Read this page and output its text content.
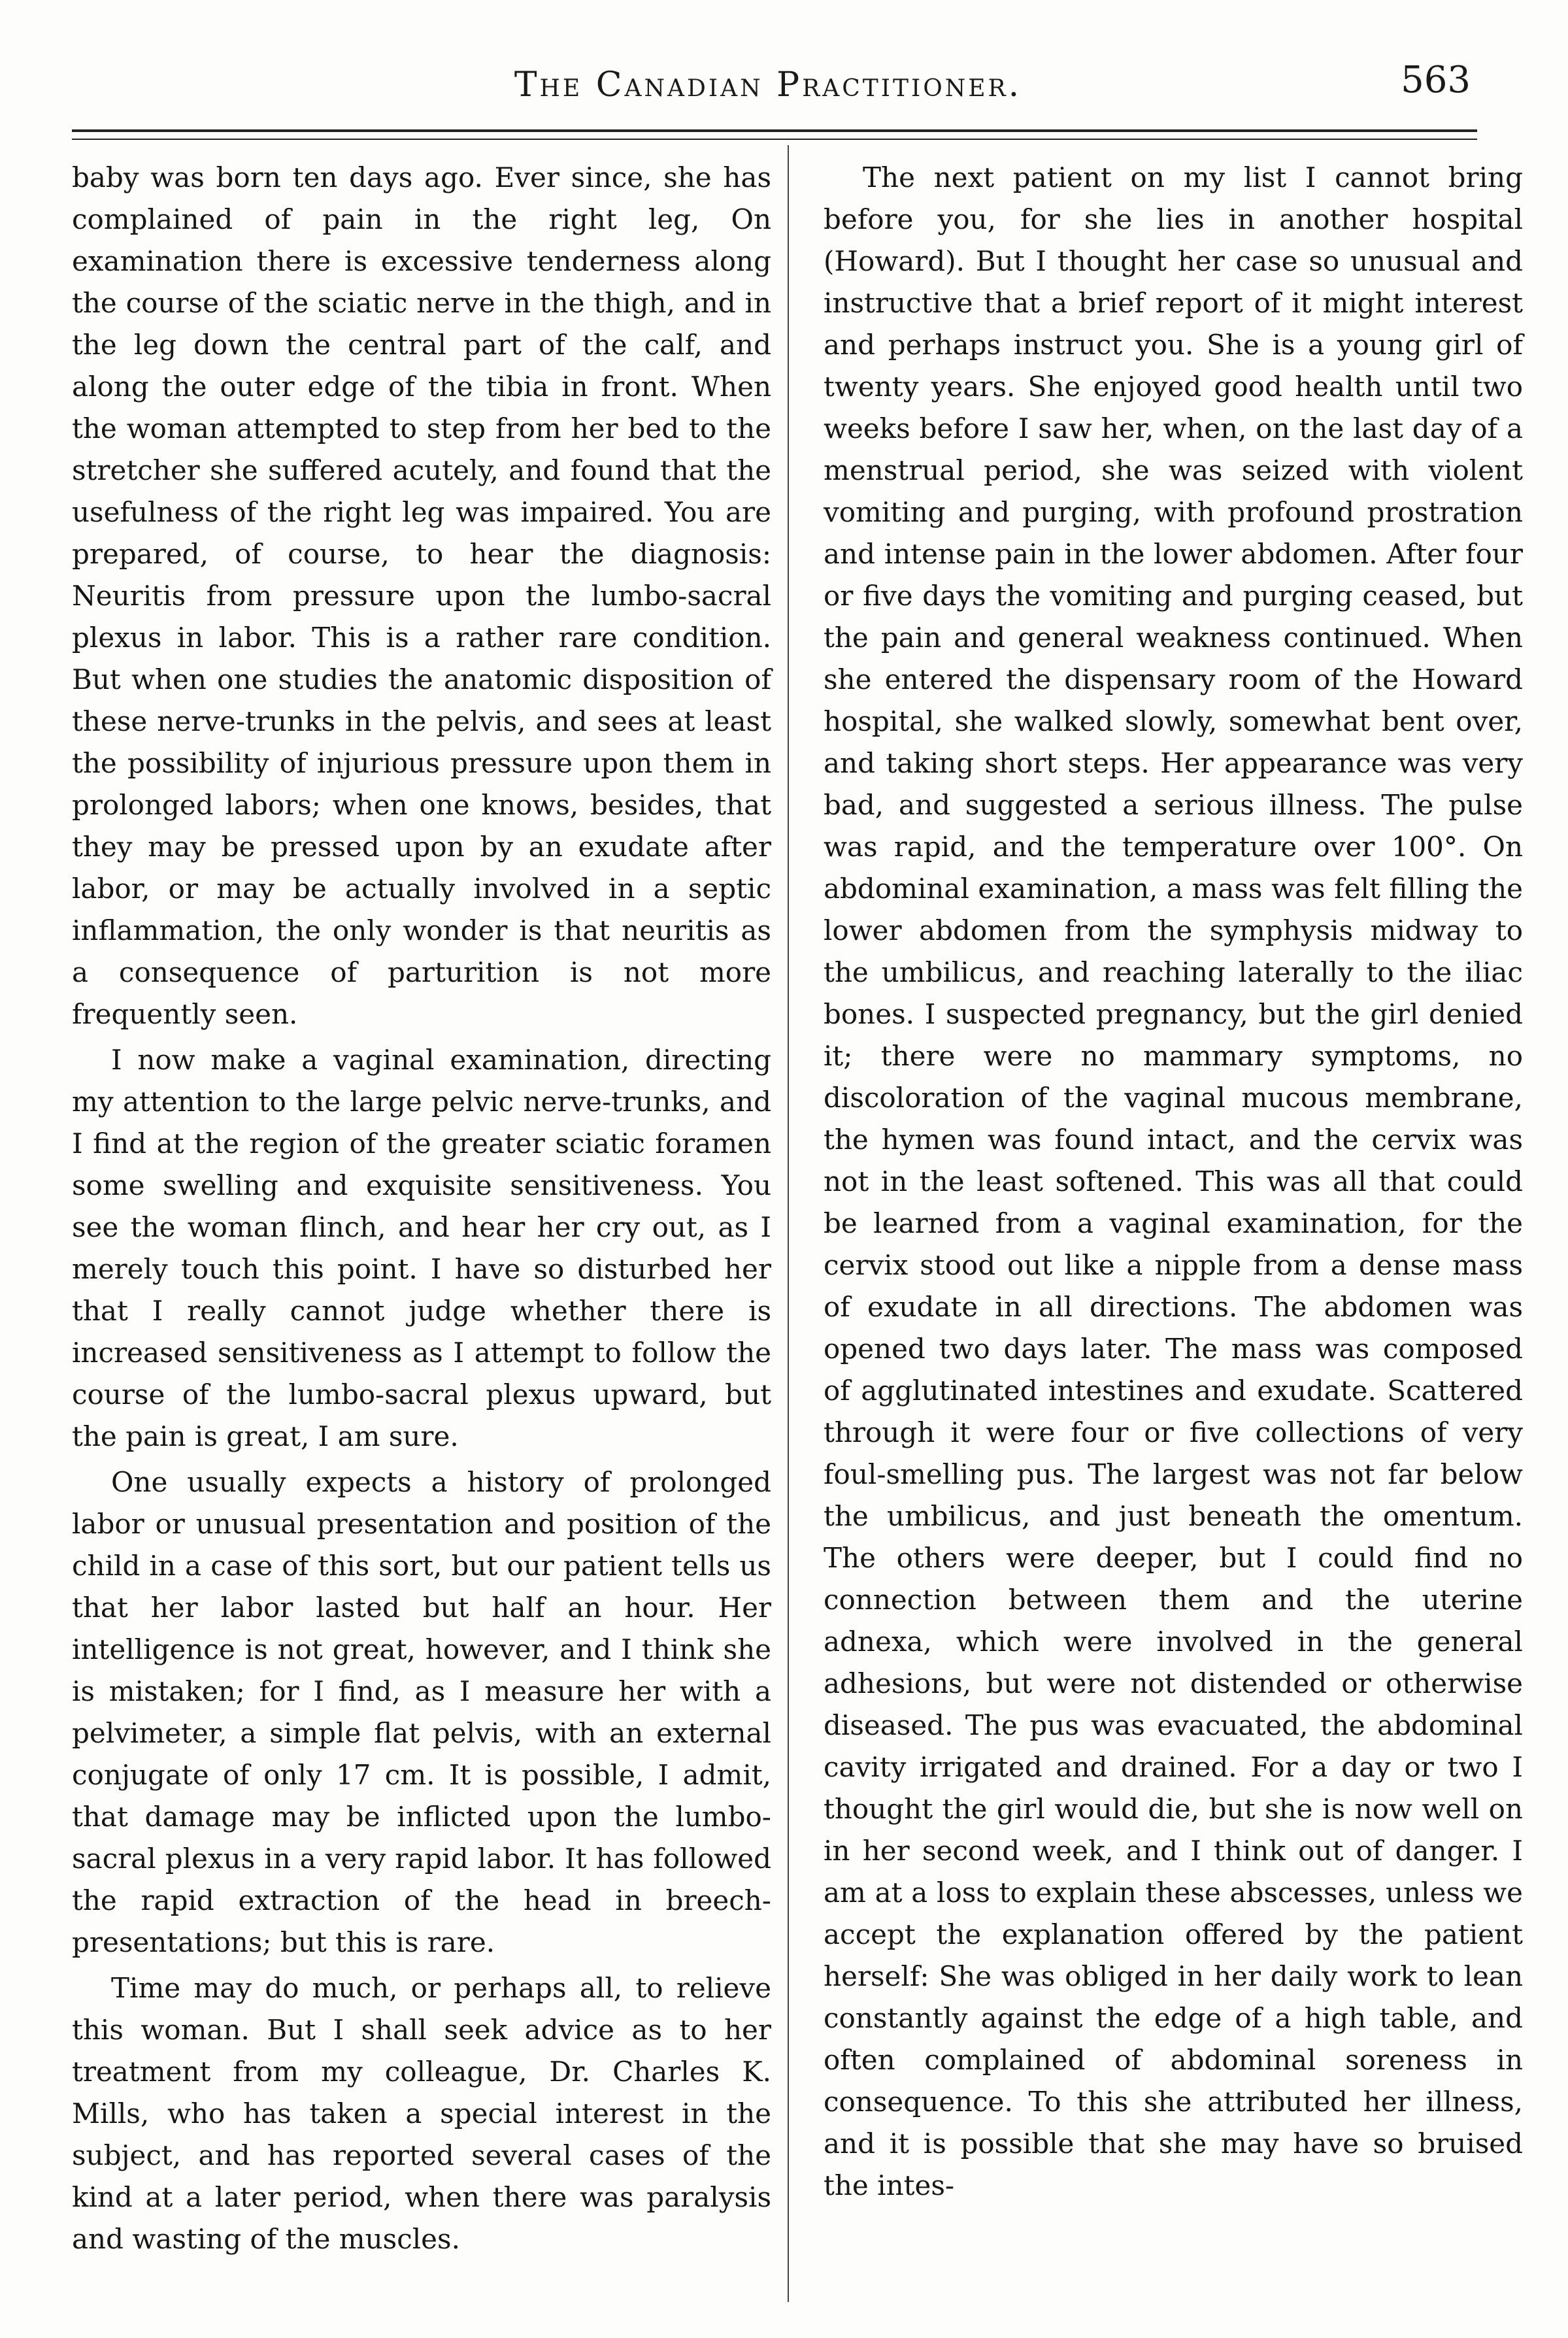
The Canadian Practitioner.	563

baby was born ten days ago. Ever since, she has complained of pain in the right leg, On examination there is excessive tenderness along the course of the sciatic nerve in the thigh, and in the leg down the central part of the calf, and along the outer edge of the tibia in front. When the woman attempted to step from her bed to the stretcher she suffered acutely, and found that the usefulness of the right leg was impaired. You are prepared, of course, to hear the diagnosis: Neuritis from pressure upon the lumbo-sacral plexus in labor. This is a rather rare condition. But when one studies the anatomic disposition of these nerve-trunks in the pelvis, and sees at least the possibility of injurious pressure upon them in prolonged labors; when one knows, besides, that they may be pressed upon by an exudate after labor, or may be actually involved in a septic inflammation, the only wonder is that neuritis as a consequence of parturition is not more frequently seen.

I now make a vaginal examination, directing my attention to the large pelvic nerve-trunks, and I find at the region of the greater sciatic foramen some swelling and exquisite sensitiveness. You see the woman flinch, and hear her cry out, as I merely touch this point. I have so disturbed her that I really cannot judge whether there is increased sensitiveness as I attempt to follow the course of the lumbo-sacral plexus upward, but the pain is great, I am sure.

One usually expects a history of prolonged labor or unusual presentation and position of the child in a case of this sort, but our patient tells us that her labor lasted but half an hour. Her intelligence is not great, however, and I think she is mistaken; for I find, as I measure her with a pelvimeter, a simple flat pelvis, with an external conjugate of only 17 cm. It is possible, I admit, that damage may be inflicted upon the lumbo-sacral plexus in a very rapid labor. It has followed the rapid extraction of the head in breech-presentations; but this is rare.

Time may do much, or perhaps all, to relieve this woman. But I shall seek advice as to her treatment from my colleague, Dr. Charles K. Mills, who has taken a special interest in the subject, and has reported several cases of the kind at a later period, when there was paralysis and wasting of the muscles.

The next patient on my list I cannot bring before you, for she lies in another hospital (Howard). But I thought her case so unusual and instructive that a brief report of it might interest and perhaps instruct you. She is a young girl of twenty years. She enjoyed good health until two weeks before I saw her, when, on the last day of a menstrual period, she was seized with violent vomiting and purging, with profound prostration and intense pain in the lower abdomen. After four or five days the vomiting and purging ceased, but the pain and general weakness continued. When she entered the dispensary room of the Howard hospital, she walked slowly, somewhat bent over, and taking short steps. Her appearance was very bad, and suggested a serious illness. The pulse was rapid, and the temperature over 100°. On abdominal examination, a mass was felt filling the lower abdomen from the symphysis midway to the umbilicus, and reaching laterally to the iliac bones. I suspected pregnancy, but the girl denied it; there were no mammary symptoms, no discoloration of the vaginal mucous membrane, the hymen was found intact, and the cervix was not in the least softened. This was all that could be learned from a vaginal examination, for the cervix stood out like a nipple from a dense mass of exudate in all directions. The abdomen was opened two days later. The mass was composed of agglutinated intestines and exudate. Scattered through it were four or five collections of very foul-smelling pus. The largest was not far below the umbilicus, and just beneath the omentum. The others were deeper, but I could find no connection between them and the uterine adnexa, which were involved in the general adhesions, but were not distended or otherwise diseased. The pus was evacuated, the abdominal cavity irrigated and drained. For a day or two I thought the girl would die, but she is now well on in her second week, and I think out of danger. I am at a loss to explain these abscesses, unless we accept the explanation offered by the patient herself: She was obliged in her daily work to lean constantly against the edge of a high table, and often complained of abdominal soreness in consequence. To this she attributed her illness, and it is possible that she may have so bruised the intes-
